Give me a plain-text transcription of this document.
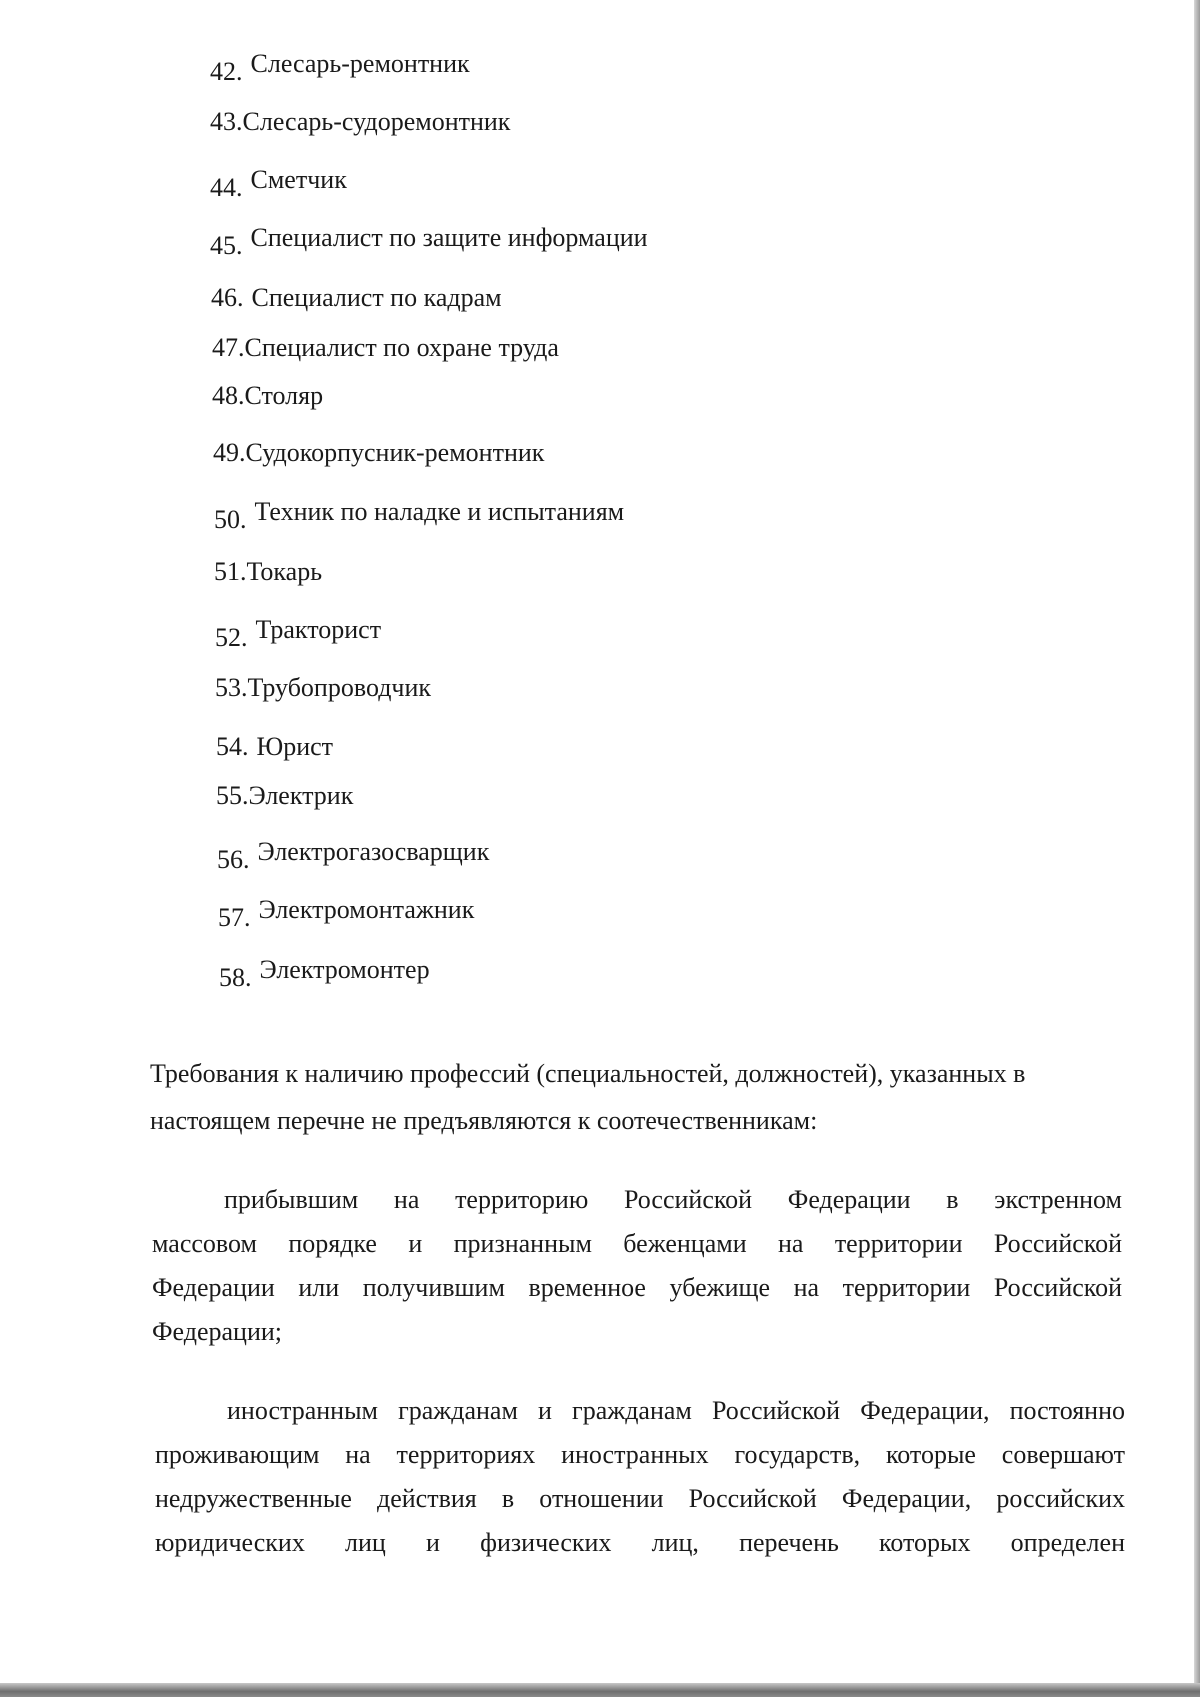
42. Слесарь-ремонтник
43.Слесарь-судоремонтник
44. Сметчик
45. Специалист по защите информации
46. Специалист по кадрам
47.Специалист по охране труда
48.Столяр
49.Судокорпусник-ремонтник
50. Техник по наладке и испытаниям
51.Токарь
52. Тракторист
53.Трубопроводчик
54. Юрист
55.Электрик
56. Электрогазосварщик
57. Электромонтажник
58. Электромонтер
Требования к наличию профессий (специальностей, должностей), указанных в
настоящем перечне не предъявляются к соотечественникам:
прибывшим на территорию Российской Федерации в экстренном
массовом порядке и признанным беженцами на территории Российской
Федерации или получившим временное убежище на территории Российской
Федерации;
иностранным гражданам и гражданам Российской Федерации, постоянно
проживающим на территориях иностранных государств, которые совершают
недружественные действия в отношении Российской Федерации, российских
юридических лиц и физических лиц, перечень которых определен
